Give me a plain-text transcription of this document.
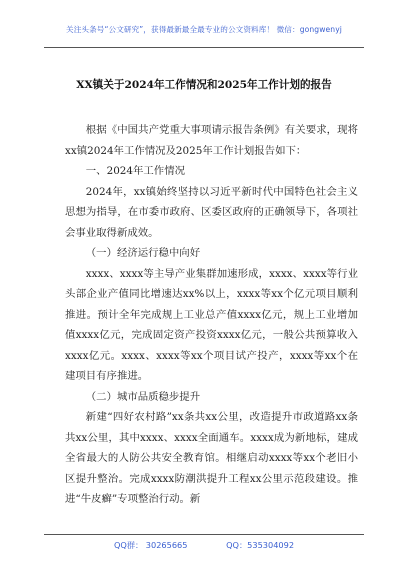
关注头条号“公文研究”，获得最新最全最专业的公文资料库！ 微信：gongwenyj
XX镇关于2024年工作情况和2025年工作计划的报告

根据《中国共产党重大事项请示报告条例》有关要求，现将xx镇2024年工作情况及2025年工作计划报告如下：

一、2024年工作情况

2024年，xx镇始终坚持以习近平新时代中国特色社会主义思想为指导，在市委市政府、区委区政府的正确领导下，各项社会事业取得新成效。

（一）经济运行稳中向好

xxxx、xxxx等主导产业集群加速形成，xxxx、xxxx等行业头部企业产值同比增速达xx%以上，xxxx等xx个亿元项目顺利推进。预计全年完成规上工业总产值xxxx亿元，规上工业增加值xxxx亿元，完成固定资产投资xxxx亿元，一般公共预算收入xxxx亿元。xxxx、xxxx等xx个项目试产投产，xxxx等xx个在建项目有序推进。

（二）城市品质稳步提升

新建“四好农村路”xx条共xx公里，改造提升市政道路xx条共xx公里，其中xxxx、xxxx全面通车。xxxx成为新地标，建成全省最大的人防公共安全教育馆。相继启动xxxx等xx个老旧小区提升整治。完成xxxx防潮洪提升工程xx公里示范段建设。推进“牛皮癣”专项整治行动。新

QQ群： 30265665	QQ：535304092
